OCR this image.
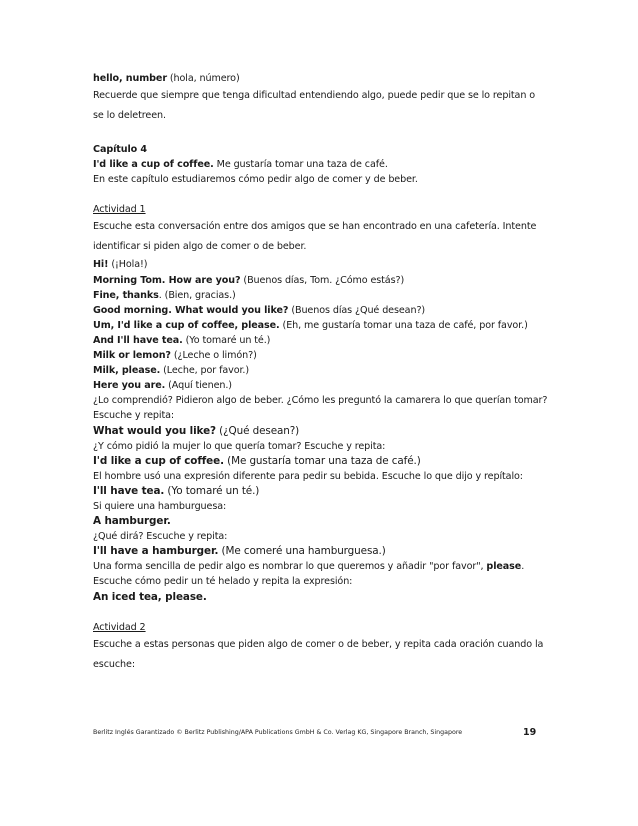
hello, number (hola, número)
Recuerde que siempre que tenga dificultad entendiendo algo, puede pedir que se lo repitan o se lo deletreen.
Capítulo 4
I'd like a cup of coffee. Me gustaría tomar una taza de café.
En este capítulo estudiaremos cómo pedir algo de comer y de beber.
Actividad 1
Escuche esta conversación entre dos amigos que se han encontrado en una cafetería. Intente identificar si piden algo de comer o de beber.
Hi! (¡Hola!)
Morning Tom. How are you? (Buenos días, Tom. ¿Cómo estás?)
Fine, thanks. (Bien, gracias.)
Good morning. What would you like? (Buenos días ¿Qué desean?)
Um, I'd like a cup of coffee, please. (Eh, me gustaría tomar una taza de café, por favor.)
And I'll have tea. (Yo tomaré un té.)
Milk or lemon? (¿Leche o limón?)
Milk, please. (Leche, por favor.)
Here you are. (Aquí tienen.)
¿Lo comprendió? Pidieron algo de beber. ¿Cómo les preguntó la camarera lo que querían tomar?
Escuche y repita:
What would you like? (¿Qué desean?)
¿Y cómo pidió la mujer lo que quería tomar? Escuche y repita:
I'd like a cup of coffee. (Me gustaría tomar una taza de café.)
El hombre usó una expresión diferente para pedir su bebida. Escuche lo que dijo y repítalo:
I'll have tea. (Yo tomaré un té.)
Si quiere una hamburguesa:
A hamburger.
¿Qué dirá? Escuche y repita:
I'll have a hamburger. (Me comeré una hamburguesa.)
Una forma sencilla de pedir algo es nombrar lo que queremos y añadir "por favor", please.
Escuche cómo pedir un té helado y repita la expresión:
An iced tea, please.
Actividad 2
Escuche a estas personas que piden algo de comer o de beber, y repita cada oración cuando la escuche:
Berlitz Inglés Garantizado © Berlitz Publishing/APA Publications GmbH & Co. Verlag KG, Singapore Branch, Singapore	19
